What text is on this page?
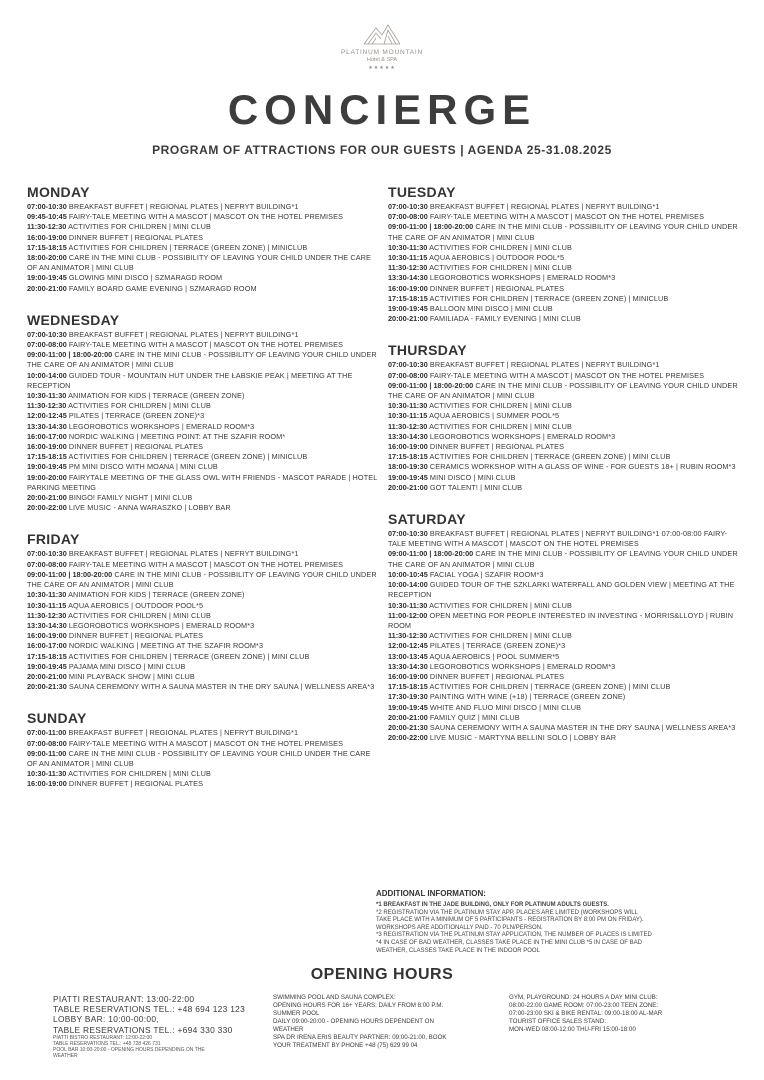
PLATINUM MOUNTAIN
Hotel & SPA
★★★★★
CONCIERGE
PROGRAM OF ATTRACTIONS FOR OUR GUESTS | AGENDA 25-31.08.2025
MONDAY
07:00-10:30 BREAKFAST BUFFET | REGIONAL PLATES | NEFRYT BUILDING*1
09:45-10:45 FAIRY-TALE MEETING WITH A MASCOT | MASCOT ON THE HOTEL PREMISES
11:30-12:30 ACTIVITIES FOR CHILDREN | MINI CLUB
16:00-19:00 DINNER BUFFET | REGIONAL PLATES
17:15-18:15 ACTIVITIES FOR CHILDREN | TERRACE (GREEN ZONE) | MINICLUB
18:00-20:00 CARE IN THE MINI CLUB - POSSIBILITY OF LEAVING YOUR CHILD UNDER THE CARE OF AN ANIMATOR | MINI CLUB
19:00-19:45 GLOWING MINI DISCO | SZMARAGD ROOM
20:00-21:00 FAMILY BOARD GAME EVENING | SZMARAGD ROOM
WEDNESDAY
07:00-10:30 BREAKFAST BUFFET | REGIONAL PLATES | NEFRYT BUILDING*1
07:00-08:00 FAIRY-TALE MEETING WITH A MASCOT | MASCOT ON THE HOTEL PREMISES
09:00-11:00 | 18:00-20:00 CARE IN THE MINI CLUB - POSSIBILITY OF LEAVING YOUR CHILD UNDER THE CARE OF AN ANIMATOR | MINI CLUB
10:00-14:00 GUIDED TOUR - MOUNTAIN HUT UNDER THE ŁABSKIE PEAK | MEETING AT THE RECEPTION
10:30-11:30 ANIMATION FOR KIDS | TERRACE (GREEN ZONE)
11:30-12:30 ACTIVITIES FOR CHILDREN | MINI CLUB
12:00-12:45 PILATES | TERRACE (GREEN ZONE)*3
13:30-14:30 LEGOROBOTICS WORKSHOPS | EMERALD ROOM*3
16:00-17:00 NORDIC WALKING | MEETING POINT: AT THE SZAFIR ROOM*
16:00-19:00 DINNER BUFFET | REGIONAL PLATES
17:15-18:15 ACTIVITIES FOR CHILDREN | TERRACE (GREEN ZONE) | MINICLUB
19:00-19:45 PM MINI DISCO WITH MOANA | MINI CLUB
19:00-20:00 FAIRYTALE MEETING OF THE GLASS OWL WITH FRIENDS - MASCOT PARADE | HOTEL PARKING MEETING
20:00-21:00 BINGO! FAMILY NIGHT | MINI CLUB
20:00-22:00 LIVE MUSIC - ANNA WARASZKO | LOBBY BAR
FRIDAY
07:00-10:30 BREAKFAST BUFFET | REGIONAL PLATES | NEFRYT BUILDING*1
07:00-08:00 FAIRY-TALE MEETING WITH A MASCOT | MASCOT ON THE HOTEL PREMISES
09:00-11:00 | 18:00-20:00 CARE IN THE MINI CLUB - POSSIBILITY OF LEAVING YOUR CHILD UNDER THE CARE OF AN ANIMATOR | MINI CLUB
10:30-11:30 ANIMATION FOR KIDS | TERRACE (GREEN ZONE)
10:30-11:15 AQUA AEROBICS | OUTDOOR POOL*5
11:30-12:30 ACTIVITIES FOR CHILDREN | MINI CLUB
13:30-14:30 LEGOROBOTICS WORKSHOPS | EMERALD ROOM*3
16:00-19:00 DINNER BUFFET | REGIONAL PLATES
16:00-17:00 NORDIC WALKING | MEETING AT THE SZAFIR ROOM*3
17:15-18:15 ACTIVITIES FOR CHILDREN | TERRACE (GREEN ZONE) | MINI CLUB
19:00-19:45 PAJAMA MINI DISCO | MINI CLUB
20:00-21:00 MINI PLAYBACK SHOW | MINI CLUB
20:00-21:30 SAUNA CEREMONY WITH A SAUNA MASTER IN THE DRY SAUNA | WELLNESS AREA*3
SUNDAY
07:00-11:00 BREAKFAST BUFFET | REGIONAL PLATES | NEFRYT BUILDING*1
07:00-08:00 FAIRY-TALE MEETING WITH A MASCOT | MASCOT ON THE HOTEL PREMISES
09:00-11:00 CARE IN THE MINI CLUB - POSSIBILITY OF LEAVING YOUR CHILD UNDER THE CARE OF AN ANIMATOR | MINI CLUB
10:30-11:30 ACTIVITIES FOR CHILDREN | MINI CLUB
16:00-19:00 DINNER BUFFET | REGIONAL PLATES
TUESDAY
07:00-10:30 BREAKFAST BUFFET | REGIONAL PLATES | NEFRYT BUILDING*1
07:00-08:00 FAIRY-TALE MEETING WITH A MASCOT | MASCOT ON THE HOTEL PREMISES
09:00-11:00 | 18:00-20:00 CARE IN THE MINI CLUB - POSSIBILITY OF LEAVING YOUR CHILD UNDER THE CARE OF AN ANIMATOR | MINI CLUB
10:30-11:30 ACTIVITIES FOR CHILDREN | MINI CLUB
10:30-11:15 AQUA AEROBICS | OUTDOOR POOL*5
11:30-12:30 ACTIVITIES FOR CHILDREN | MINI CLUB
13:30-14:30 LEGOROBOTICS WORKSHOPS | EMERALD ROOM*3
16:00-19:00 DINNER BUFFET | REGIONAL PLATES
17:15-18:15 ACTIVITIES FOR CHILDREN | TERRACE (GREEN ZONE) | MINICLUB
19:00-19:45 BALLOON MINI DISCO | MINI CLUB
20:00-21:00 FAMILIADA - FAMILY EVENING | MINI CLUB
THURSDAY
07:00-10:30 BREAKFAST BUFFET | REGIONAL PLATES | NEFRYT BUILDING*1
07:00-08:00 FAIRY-TALE MEETING WITH A MASCOT | MASCOT ON THE HOTEL PREMISES
09:00-11:00 | 18:00-20:00 CARE IN THE MINI CLUB - POSSIBILITY OF LEAVING YOUR CHILD UNDER THE CARE OF AN ANIMATOR | MINI CLUB
10:30-11:30 ACTIVITIES FOR CHILDREN | MINI CLUB
10:30-11:15 AQUA AEROBICS | SUMMER POOL*5
11:30-12:30 ACTIVITIES FOR CHILDREN | MINI CLUB
13:30-14:30 LEGOROBOTICS WORKSHOPS | EMERALD ROOM*3
16:00-19:00 DINNER BUFFET | REGIONAL PLATES
17:15-18:15 ACTIVITIES FOR CHILDREN | TERRACE (GREEN ZONE) | MINI CLUB
18:00-19:30 CERAMICS WORKSHOP WITH A GLASS OF WINE - FOR GUESTS 18+ | RUBIN ROOM*3
19:00-19:45 MINI DISCO | MINI CLUB
20:00-21:00 GOT TALENT! | MINI CLUB
SATURDAY
07:00-10:30 BREAKFAST BUFFET | REGIONAL PLATES | NEFRYT BUILDING*1 07:00-08:00 FAIRY-TALE MEETING WITH A MASCOT | MASCOT ON THE HOTEL PREMISES
09:00-11:00 | 18:00-20:00 CARE IN THE MINI CLUB - POSSIBILITY OF LEAVING YOUR CHILD UNDER THE CARE OF AN ANIMATOR | MINI CLUB
10:00-10:45 FACIAL YOGA | SZAFIR ROOM*3
10:00-14:00 GUIDED TOUR OF THE SZKLARKI WATERFALL AND GOLDEN VIEW | MEETING AT THE RECEPTION
10:30-11:30 ACTIVITIES FOR CHILDREN | MINI CLUB
11:00-12:00 OPEN MEETING FOR PEOPLE INTERESTED IN INVESTING - MORRIS&LLOYD | RUBIN ROOM
11:30-12:30 ACTIVITIES FOR CHILDREN | MINI CLUB
12:00-12:45 PILATES | TERRACE (GREEN ZONE)*3
13:00-13:45 AQUA AEROBICS | POOL SUMMER*5
13:30-14:30 LEGOROBOTICS WORKSHOPS | EMERALD ROOM*3
16:00-19:00 DINNER BUFFET | REGIONAL PLATES
17:15-18:15 ACTIVITIES FOR CHILDREN | TERRACE (GREEN ZONE) | MINI CLUB
17:30-19:30 PAINTING WITH WINE (+18) | TERRACE (GREEN ZONE)
19:00-19:45 WHITE AND FLUO MINI DISCO | MINI CLUB
20:00-21:00 FAMILY QUIZ | MINI CLUB
20:00-21:30 SAUNA CEREMONY WITH A SAUNA MASTER IN THE DRY SAUNA | WELLNESS AREA*3
20:00-22:00 LIVE MUSIC - MARTYNA BELLINI SOLO | LOBBY BAR
ADDITIONAL INFORMATION:
*1 BREAKFAST IN THE JADE BUILDING, ONLY FOR PLATINUM ADULTS GUESTS.
*2 REGISTRATION VIA THE PLATINUM STAY APP, PLACES ARE LIMITED (WORKSHOPS WILL
TAKE PLACE WITH A MINIMUM OF 5 PARTICIPANTS - REGISTRATION BY 8:00 PM ON FRIDAY).
WORKSHOPS ARE ADDITIONALLY PAID - 70 PLN/PERSON.
*3 REGISTRATION VIA THE PLATINUM STAY APPLICATION, THE NUMBER OF PLACES IS LIMITED
*4 IN CASE OF BAD WEATHER, CLASSES TAKE PLACE IN THE MINI CLUB *5 IN CASE OF BAD
WEATHER, CLASSES TAKE PLACE IN THE INDOOR POOL
OPENING HOURS
PIATTI RESTAURANT: 13:00-22:00
TABLE RESERVATIONS TEL.: +48 694 123 123
LOBBY BAR: 10:00-00:00,
TABLE RESERVATIONS TEL.: +694 330 330
PIATTI BISTRO RESTAURANT: 12:00-22:00
TABLE RESERVATIONS TEL.: +48 728 426 731
POOL BAR 10:00-20:00 - OPENING HOURS DEPENDING ON THE
WEATHER
SWIMMING POOL AND SAUNA COMPLEX:
OPENING HOURS FOR 16+ YEARS: DAILY FROM 8:00 P.M.
SUMMER POOL
DAILY 09:00-20:00 - OPENING HOURS DEPENDENT ON
WEATHER
SPA DR IRENA ERIS BEAUTY PARTNER: 09:00-21:00, BOOK
YOUR TREATMENT BY PHONE +48 (75) 629 99 04
GYM, PLAYGROUND: 24 HOURS A DAY MINI CLUB:
08:00-22:00 GAME ROOM: 07:00-23:00 TEEN ZONE:
07:00-23:00 SKI & BIKE RENTAL: 09:00-18:00 AL-MAR
TOURIST OFFICE SALES STAND:
MON-WED 08:00-12:00 THU-FRI 15:00-18:00
